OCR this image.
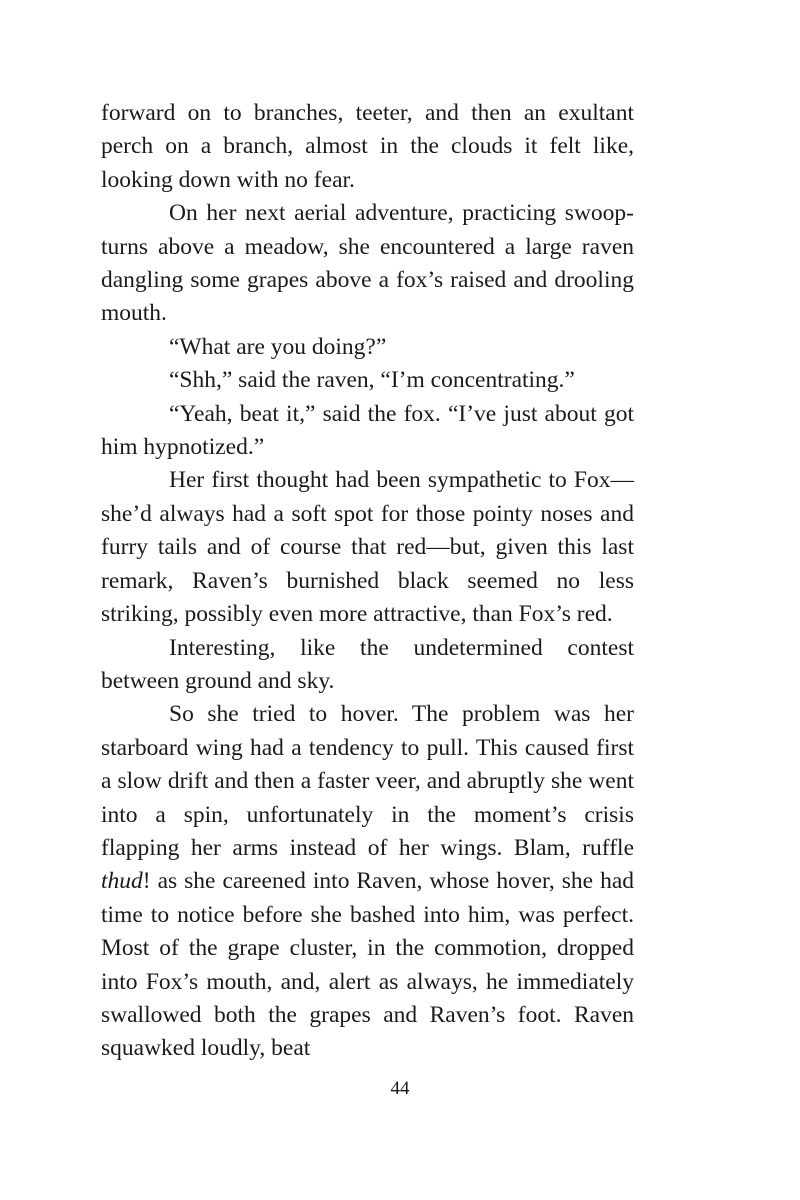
forward on to branches, teeter, and then an exultant perch on a branch, almost in the clouds it felt like, looking down with no fear.

On her next aerial adventure, practicing swoop-turns above a meadow, she encountered a large raven dangling some grapes above a fox’s raised and drooling mouth.

“What are you doing?”

“Shh,” said the raven, “I’m concentrating.”

“Yeah, beat it,” said the fox. “I’ve just about got him hypnotized.”

Her first thought had been sympathetic to Fox—she’d always had a soft spot for those pointy noses and furry tails and of course that red—but, given this last remark, Raven’s burnished black seemed no less striking, possibly even more attractive, than Fox’s red.

Interesting, like the undetermined contest between ground and sky.

So she tried to hover. The problem was her starboard wing had a tendency to pull. This caused first a slow drift and then a faster veer, and abruptly she went into a spin, unfortunately in the moment’s crisis flapping her arms instead of her wings. Blam, ruffle thud! as she careened into Raven, whose hover, she had time to notice before she bashed into him, was perfect. Most of the grape cluster, in the commotion, dropped into Fox’s mouth, and, alert as always, he immediately swallowed both the grapes and Raven’s foot. Raven squawked loudly, beat

44
